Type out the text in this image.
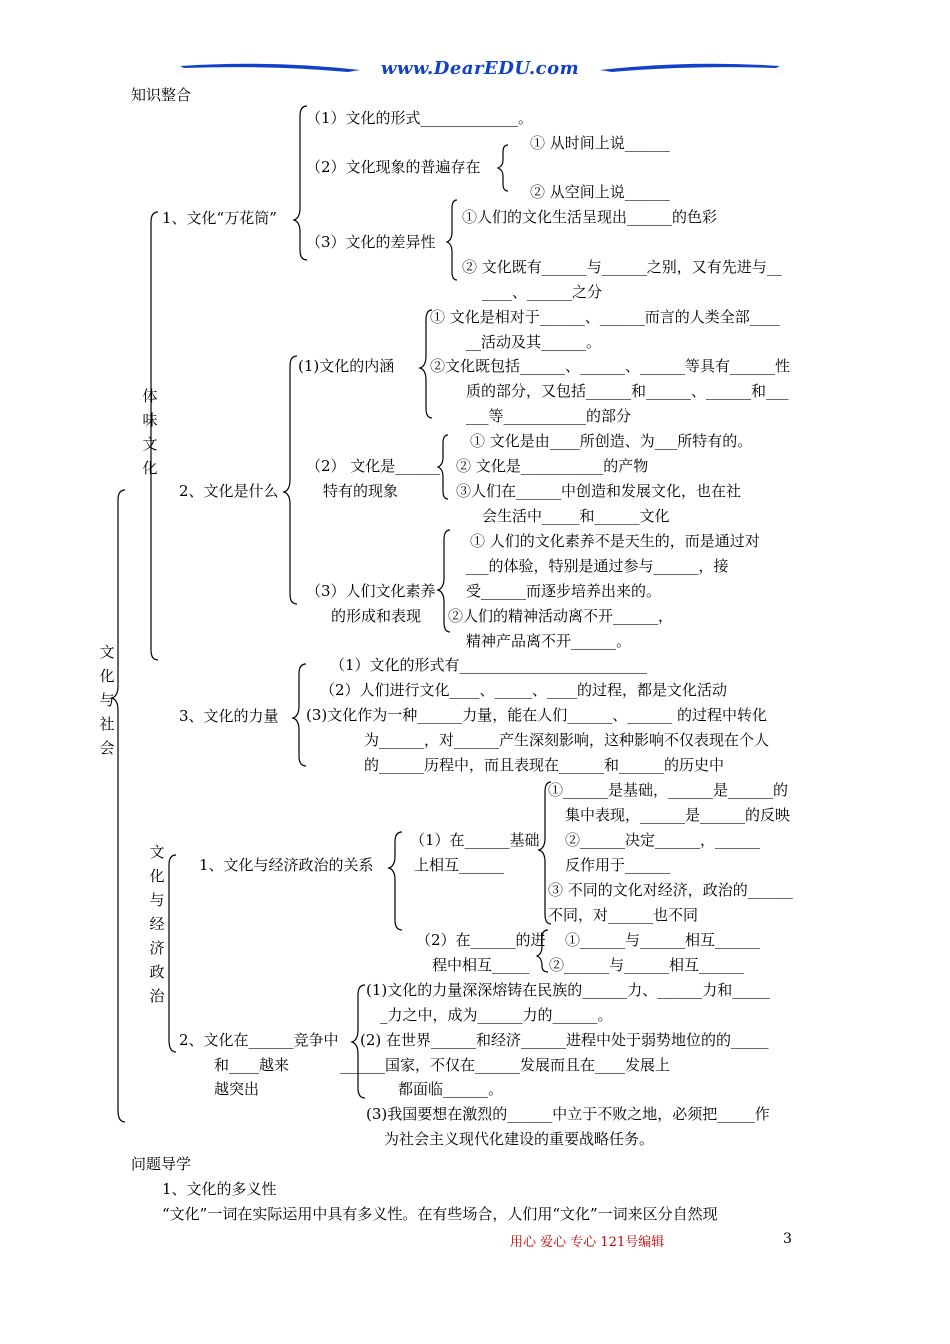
www.DearEDU.com
知识整合
文化与社会
体味文化
文化与经济政治
1、文化“万花筒”
（1）文化的形式_____________。
（2）文化现象的普遍存在
① 从时间上说______
② 从空间上说______
（3）文化的差异性
①人们的文化生活呈现出______的色彩
② 文化既有______与______之别，又有先进与__
____、______之分
2、文化是什么
(1)文化的内涵
① 文化是相对于______、______而言的人类全部____
__活动及其______。
②文化既包括______、______、______等具有______性
质的部分，又包括______和______、______和___
___等___________的部分
（2） 文化是______
特有的现象
① 文化是由____所创造、为___所特有的。
② 文化是___________的产物
③人们在______中创造和发展文化，也在社
会生活中_____和______文化
（3）人们文化素养
的形成和表现
① 人们的文化素养不是天生的，而是通过对
___的体验，特别是通过参与______，接
受______而逐步培养出来的。
②人们的精神活动离不开______，
精神产品离不开______。
3、文化的力量
（1）文化的形式有_________________________
（2）人们进行文化____、_____、____的过程，都是文化活动
(3)文化作为一种______力量，能在人们______、______ 的过程中转化
为______，对______产生深刻影响，这种影响不仅表现在个人
的______历程中，而且表现在______和______的历史中
1、文化与经济政治的关系
（1）在______基础
上相互______
①______是基础，______是______的
集中表现，______是______的反映
②______决定______，______
反作用于______
③ 不同的文化对经济，政治的______
不同，对______也不同
（2）在______的进
程中相互_____
①______与______相互______
②______与______相互______
2、文化在______竞争中
和____越来
越突出
(1)文化的力量深深熔铸在民族的______力、______力和_____
_力之中，成为______力的______。
(2) 在世界______和经济______进程中处于弱势地位的的_____
______国家，不仅在______发展而且在____发展上
都面临______。
(3)我国要想在激烈的______中立于不败之地，必须把_____作
为社会主义现代化建设的重要战略任务。
问题导学
1、文化的多义性
“文化”一词在实际运用中具有多义性。在有些场合，人们用“文化”一词来区分自然现
用心 爱心 专心 121号编辑	3
